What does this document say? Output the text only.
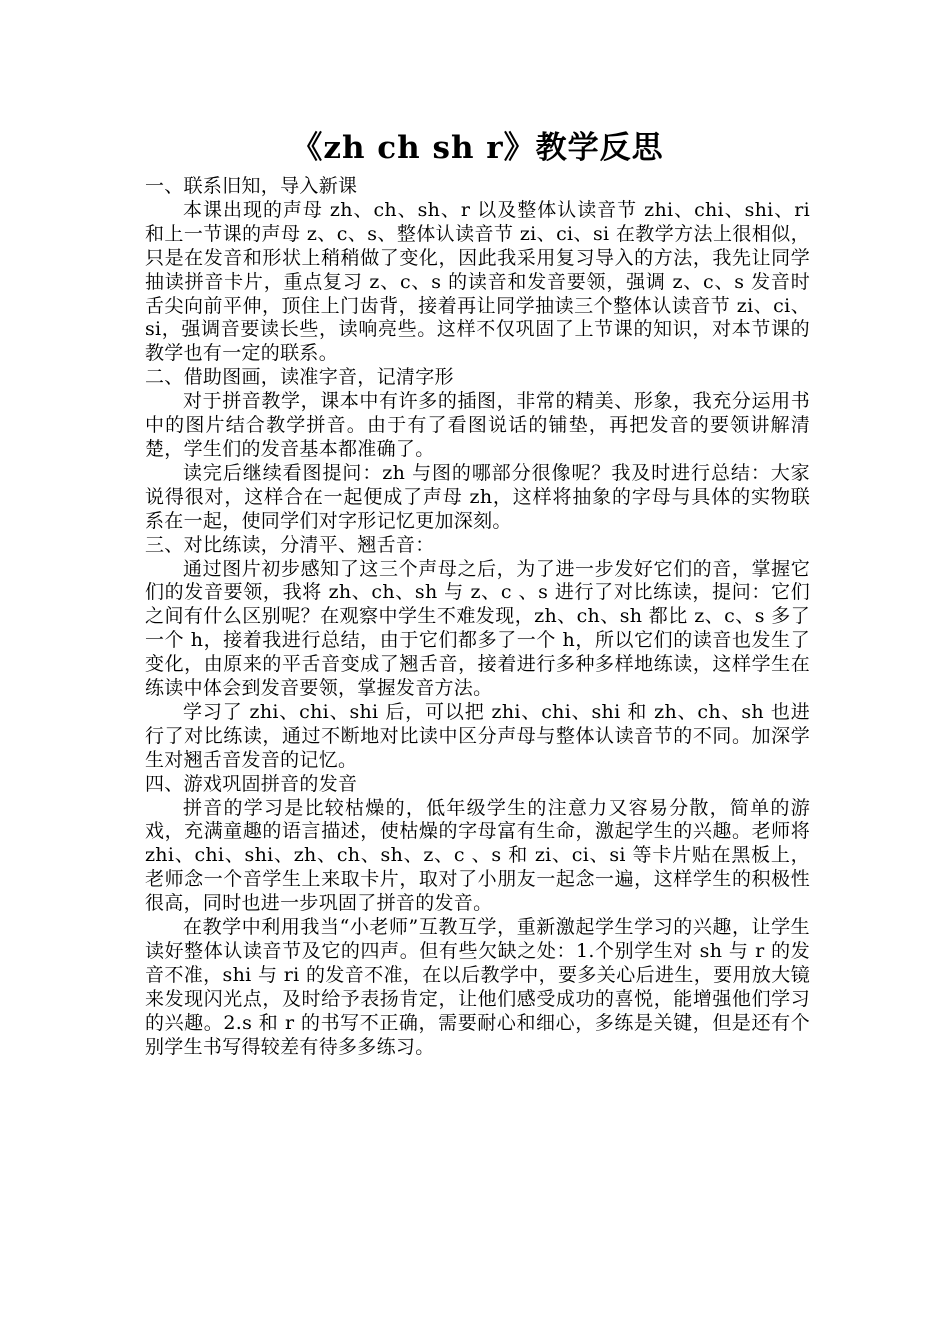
《zh ch sh r》教学反思

一、联系旧知，导入新课

本课出现的声母 zh、ch、sh、r 以及整体认读音节 zhi、chi、shi、ri 和上一节课的声母 z、c、s、整体认读音节 zi、ci、si 在教学方法上很相似，只是在发音和形状上稍稍做了变化，因此我采用复习导入的方法，我先让同学抽读拼音卡片，重点复习 z、c、s 的读音和发音要领，强调 z、c、s 发音时舌尖向前平伸，顶住上门齿背，接着再让同学抽读三个整体认读音节 zi、ci、si，强调音要读长些，读响亮些。这样不仅巩固了上节课的知识，对本节课的教学也有一定的联系。

二、借助图画，读准字音，记清字形

对于拼音教学，课本中有许多的插图，非常的精美、形象，我充分运用书中的图片结合教学拼音。由于有了看图说话的铺垫，再把发音的要领讲解清楚，学生们的发音基本都准确了。

读完后继续看图提问：zh 与图的哪部分很像呢？我及时进行总结：大家说得很对，这样合在一起便成了声母 zh，这样将抽象的字母与具体的实物联系在一起，使同学们对字形记忆更加深刻。

三、对比练读，分清平、翘舌音：

通过图片初步感知了这三个声母之后，为了进一步发好它们的音，掌握它们的发音要领，我将 zh、ch、sh 与 z、c 、s 进行了对比练读，提问：它们之间有什么区别呢？在观察中学生不难发现，zh、ch、sh 都比 z、c、s 多了一个 h，接着我进行总结，由于它们都多了一个 h，所以它们的读音也发生了变化，由原来的平舌音变成了翘舌音，接着进行多种多样地练读，这样学生在练读中体会到发音要领，掌握发音方法。

学习了 zhi、chi、shi 后，可以把 zhi、chi、shi 和 zh、ch、sh 也进行了对比练读，通过不断地对比读中区分声母与整体认读音节的不同。加深学生对翘舌音发音的记忆。

四、游戏巩固拼音的发音

拼音的学习是比较枯燥的，低年级学生的注意力又容易分散，简单的游戏，充满童趣的语言描述，使枯燥的字母富有生命，激起学生的兴趣。老师将 zhi、chi、shi、zh、ch、sh、z、c 、s 和 zi、ci、si 等卡片贴在黑板上，老师念一个音学生上来取卡片，取对了小朋友一起念一遍，这样学生的积极性很高，同时也进一步巩固了拼音的发音。

在教学中利用我当“小老师”互教互学，重新激起学生学习的兴趣，让学生读好整体认读音节及它的四声。但有些欠缺之处：1.个别学生对 sh 与 r 的发音不准，shi 与 ri 的发音不准，在以后教学中，要多关心后进生，要用放大镜来发现闪光点，及时给予表扬肯定，让他们感受成功的喜悦，能增强他们学习的兴趣。2.s 和 r 的书写不正确，需要耐心和细心，多练是关键，但是还有个别学生书写得较差有待多多练习。
